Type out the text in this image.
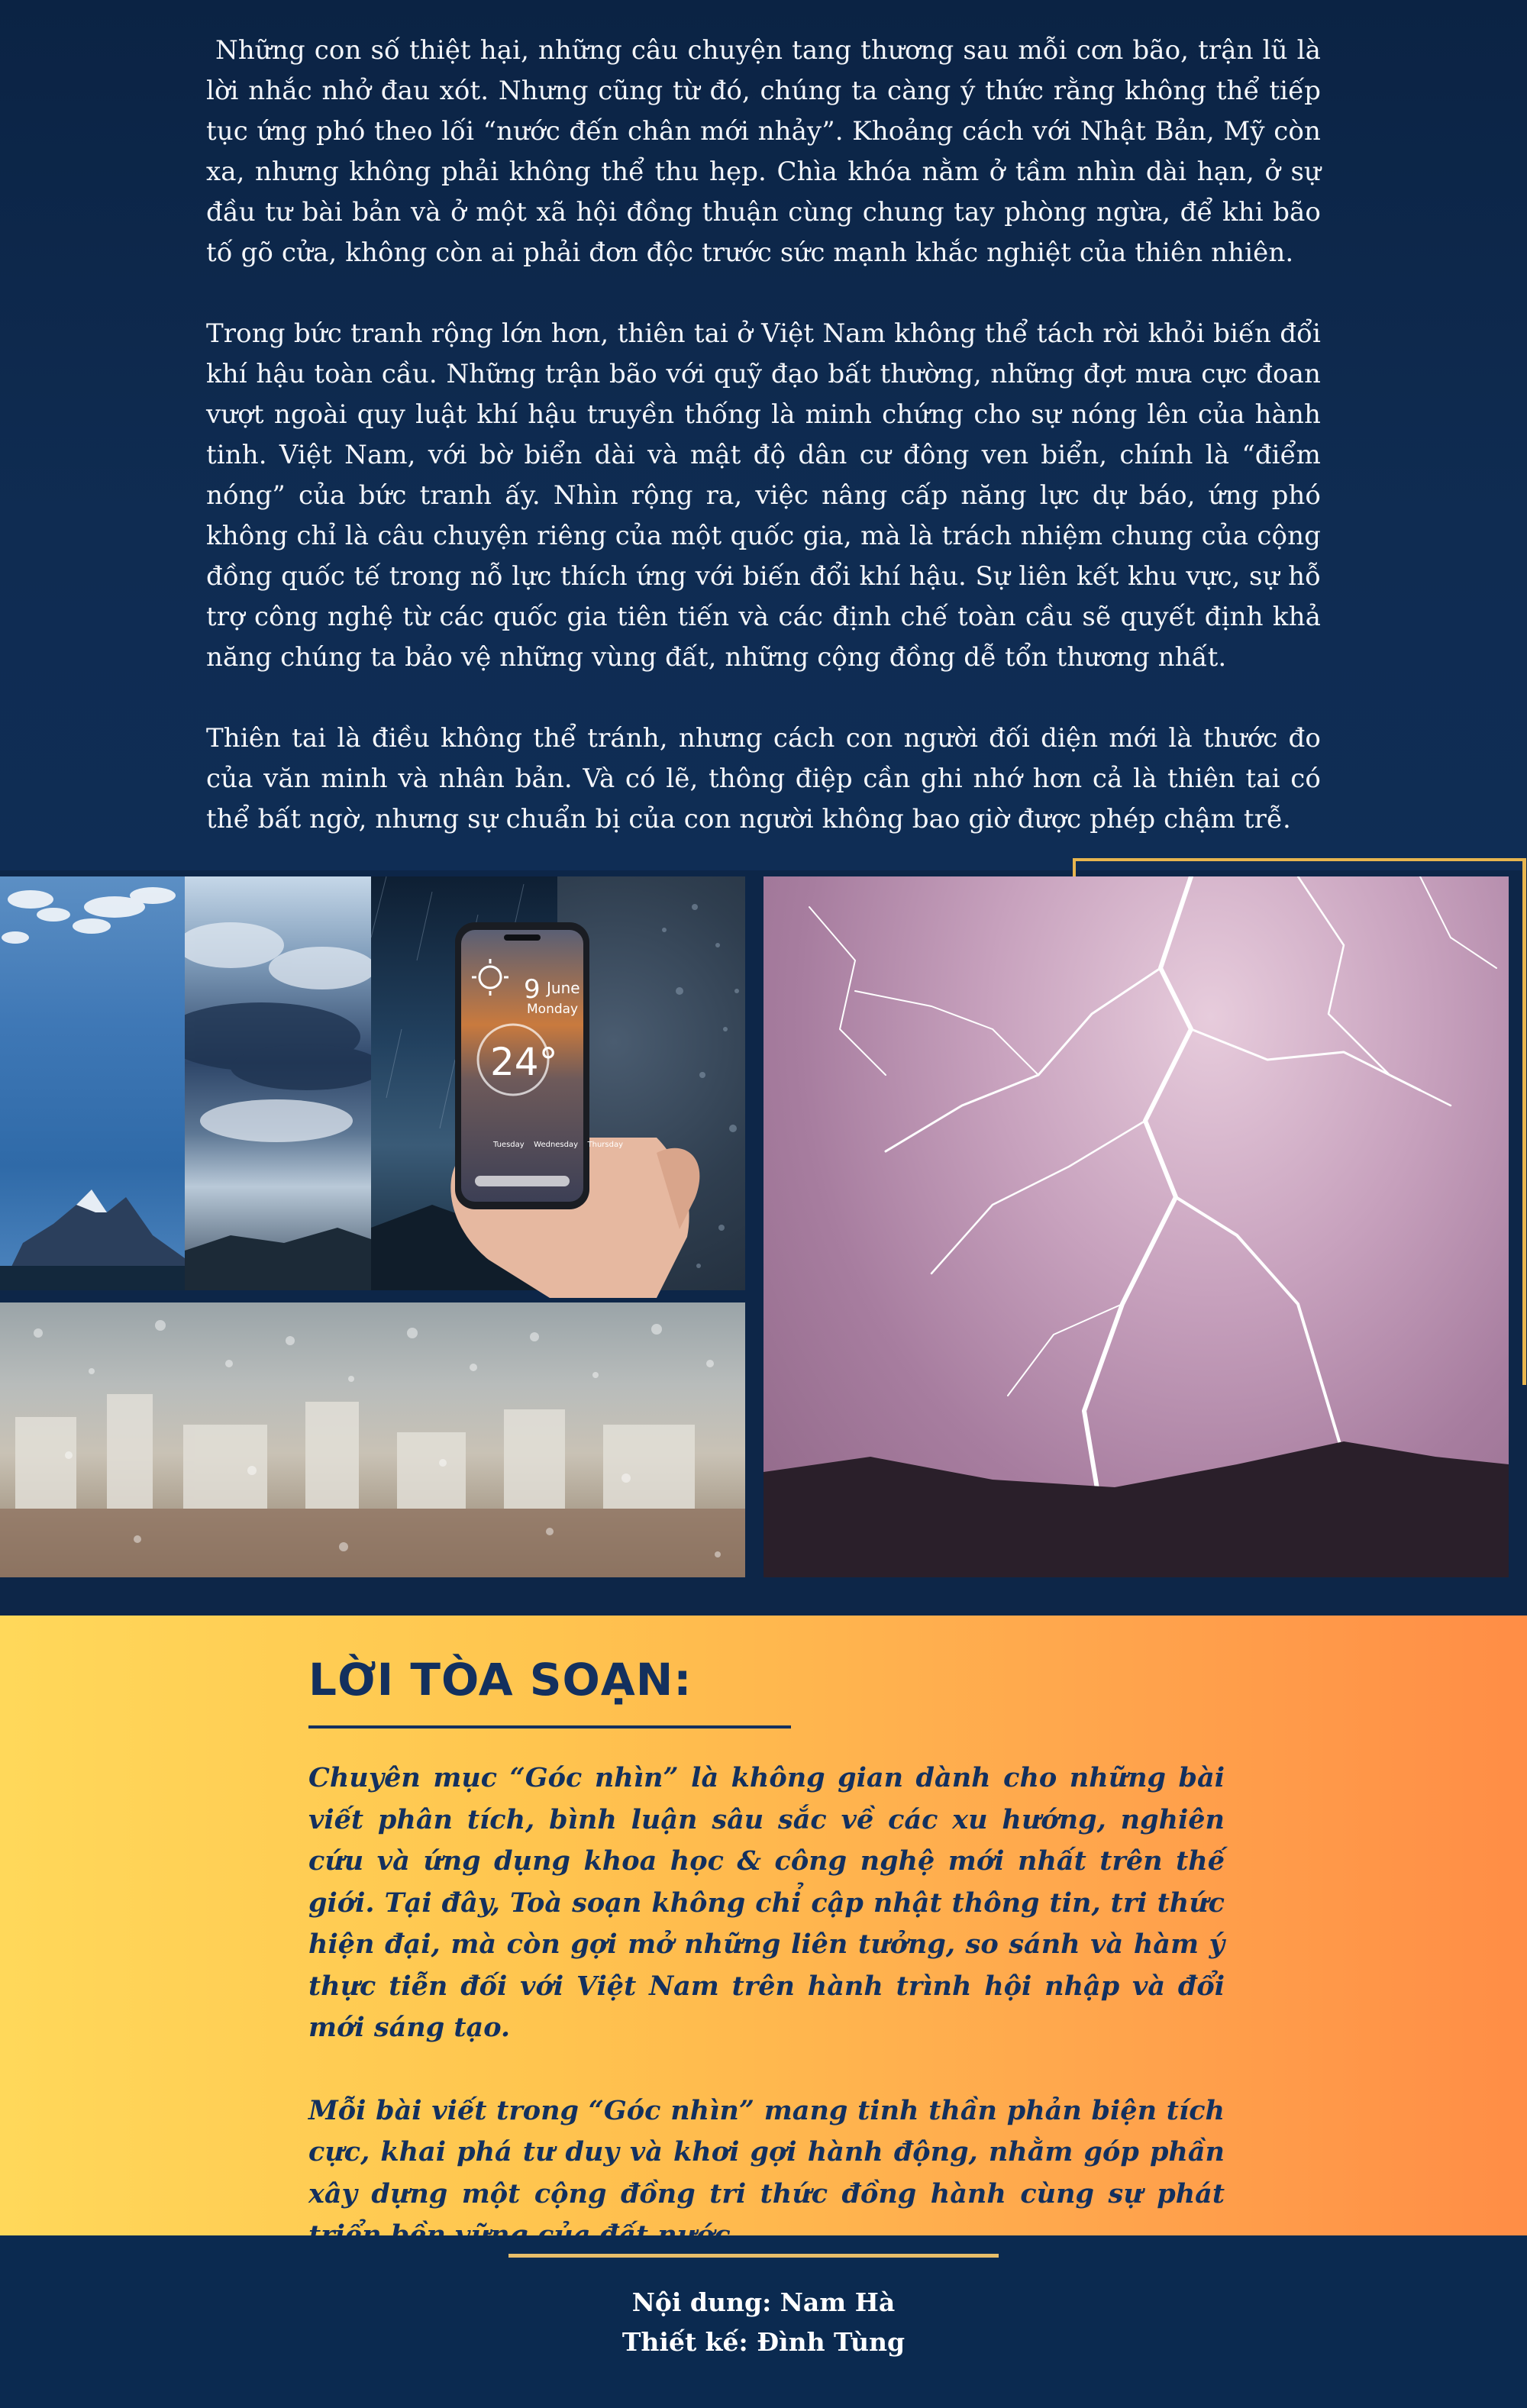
Những con số thiệt hại, những câu chuyện tang thương sau mỗi cơn bão, trận lũ là lời nhắc nhở đau xót. Nhưng cũng từ đó, chúng ta càng ý thức rằng không thể tiếp tục ứng phó theo lối “nước đến chân mới nhảy”. Khoảng cách với Nhật Bản, Mỹ còn xa, nhưng không phải không thể thu hẹp. Chìa khóa nằm ở tầm nhìn dài hạn, ở sự đầu tư bài bản và ở một xã hội đồng thuận cùng chung tay phòng ngừa, để khi bão tố gõ cửa, không còn ai phải đơn độc trước sức mạnh khắc nghiệt của thiên nhiên.

Trong bức tranh rộng lớn hơn, thiên tai ở Việt Nam không thể tách rời khỏi biến đổi khí hậu toàn cầu. Những trận bão với quỹ đạo bất thường, những đợt mưa cực đoan vượt ngoài quy luật khí hậu truyền thống là minh chứng cho sự nóng lên của hành tinh. Việt Nam, với bờ biển dài và mật độ dân cư đông ven biển, chính là “điểm nóng” của bức tranh ấy. Nhìn rộng ra, việc nâng cấp năng lực dự báo, ứng phó không chỉ là câu chuyện riêng của một quốc gia, mà là trách nhiệm chung của cộng đồng quốc tế trong nỗ lực thích ứng với biến đổi khí hậu. Sự liên kết khu vực, sự hỗ trợ công nghệ từ các quốc gia tiên tiến và các định chế toàn cầu sẽ quyết định khả năng chúng ta bảo vệ những vùng đất, những cộng đồng dễ tổn thương nhất.

Thiên tai là điều không thể tránh, nhưng cách con người đối diện mới là thước đo của văn minh và nhân bản. Và có lẽ, thông điệp cần ghi nhớ hơn cả là thiên tai có thể bất ngờ, nhưng sự chuẩn bị của con người không bao giờ được phép chậm trễ.

9 June
Monday
24°
Tuesday Wednesday Thursday
LỜI TÒA SOẠN:

Chuyên mục “Góc nhìn” là không gian dành cho những bài viết phân tích, bình luận sâu sắc về các xu hướng, nghiên cứu và ứng dụng khoa học & công nghệ mới nhất trên thế giới. Tại đây, Toà soạn không chỉ cập nhật thông tin, tri thức hiện đại, mà còn gợi mở những liên tưởng, so sánh và hàm ý thực tiễn đối với Việt Nam trên hành trình hội nhập và đổi mới sáng tạo.

Mỗi bài viết trong “Góc nhìn” mang tinh thần phản biện tích cực, khai phá tư duy và khơi gợi hành động, nhằm góp phần xây dựng một cộng đồng tri thức đồng hành cùng sự phát

Nội dung: Nam Hà
Thiết kế: Đình Tùng
